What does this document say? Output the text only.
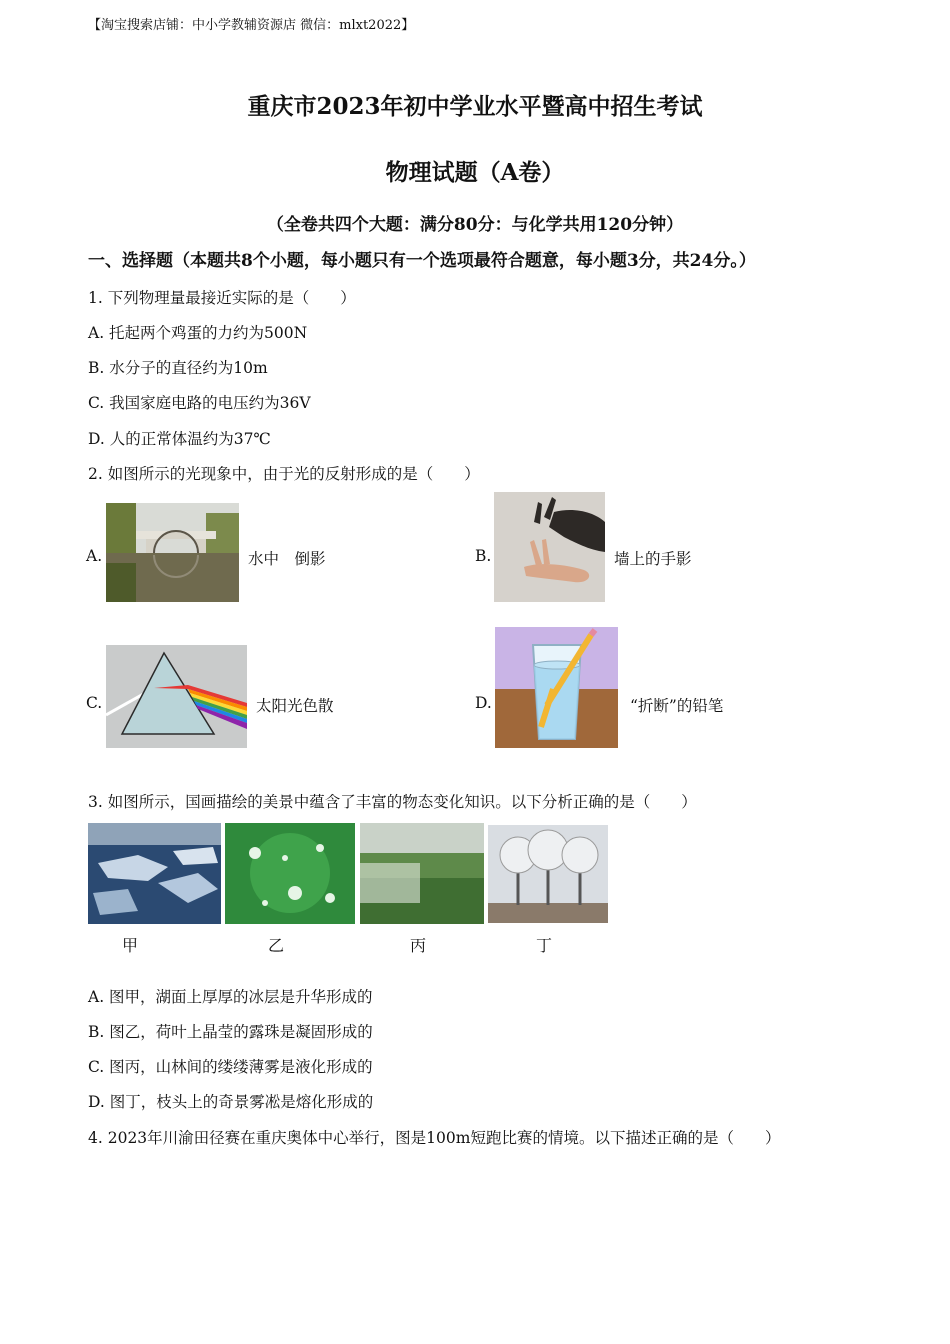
【淘宝搜索店铺：中小学教辅资源店 微信：mlxt2022】
重庆市2023年初中学业水平暨高中招生考试
物理试题（A卷）
（全卷共四个大题：满分80分：与化学共用120分钟）
一、选择题（本题共8个小题，每小题只有一个选项最符合题意，每小题3分，共24分。）
1. 下列物理量最接近实际的是（　　）
A. 托起两个鸡蛋的力约为500N
B. 水分子的直径约为10m
C. 我国家庭电路的电压约为36V
D. 人的正常体温约为37℃
2. 如图所示的光现象中，由于光的反射形成的是（　　）
A.	水中　倒影	B.	墙上的手影
C.	太阳光色散	D.	“折断”的铅笔
3. 如图所示，国画描绘的美景中蕴含了丰富的物态变化知识。以下分析正确的是（　　）
甲	乙	丙	丁
A. 图甲，湖面上厚厚的冰层是升华形成的
B. 图乙，荷叶上晶莹的露珠是凝固形成的
C. 图丙，山林间的缕缕薄雾是液化形成的
D. 图丁，枝头上的奇景雾凇是熔化形成的
4. 2023年川渝田径赛在重庆奥体中心举行，图是100m短跑比赛的情境。以下描述正确的是（　　）
